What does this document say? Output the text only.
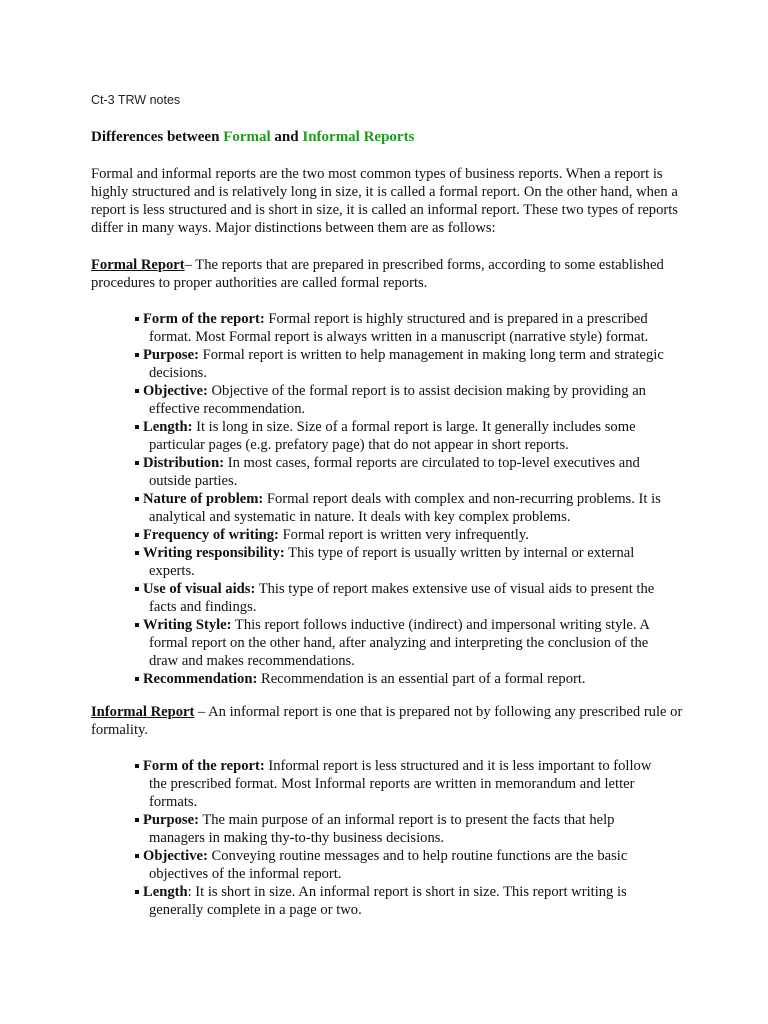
Ct-3 TRW notes
Differences between Formal and Informal Reports

Formal and informal reports are the two most common types of business reports. When a report is highly structured and is relatively long in size, it is called a formal report. On the other hand, when a report is less structured and is short in size, it is called an informal report. These two types of reports differ in many ways. Major distinctions between them are as follows:

Formal Report– The reports that are prepared in prescribed forms, according to some established procedures to proper authorities are called formal reports.

Form of the report: Formal report is highly structured and is prepared in a prescribed format. Most Formal report is always written in a manuscript (narrative style) format.
Purpose: Formal report is written to help management in making long term and strategic decisions.
Objective: Objective of the formal report is to assist decision making by providing an effective recommendation.
Length: It is long in size. Size of a formal report is large. It generally includes some particular pages (e.g. prefatory page) that do not appear in short reports.
Distribution: In most cases, formal reports are circulated to top-level executives and outside parties.
Nature of problem: Formal report deals with complex and non-recurring problems. It is analytical and systematic in nature. It deals with key complex problems.
Frequency of writing: Formal report is written very infrequently.
Writing responsibility: This type of report is usually written by internal or external experts.
Use of visual aids: This type of report makes extensive use of visual aids to present the facts and findings.
Writing Style: This report follows inductive (indirect) and impersonal writing style. A formal report on the other hand, after analyzing and interpreting the conclusion of the draw and makes recommendations.
Recommendation: Recommendation is an essential part of a formal report.

Informal Report – An informal report is one that is prepared not by following any prescribed rule or formality.

Form of the report: Informal report is less structured and it is less important to follow the prescribed format. Most Informal reports are written in memorandum and letter formats.
Purpose: The main purpose of an informal report is to present the facts that help managers in making thy-to-thy business decisions.
Objective: Conveying routine messages and to help routine functions are the basic objectives of the informal report.
Length: It is short in size. An informal report is short in size. This report writing is generally complete in a page or two.
